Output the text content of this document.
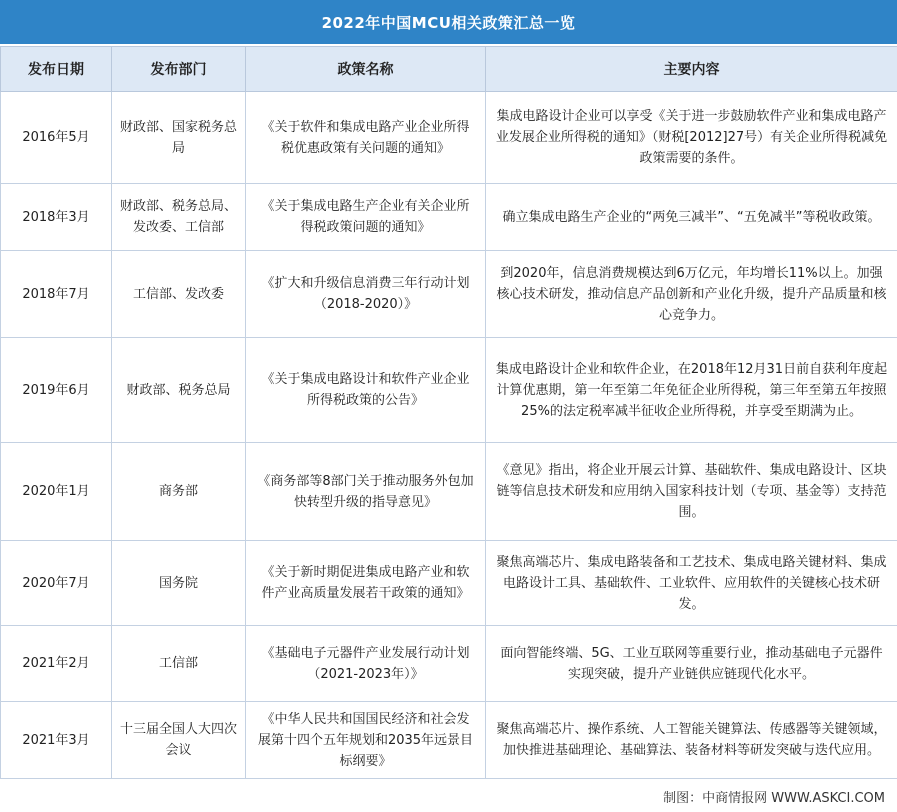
2022年中国MCU相关政策汇总一览
发布日期	发布部门	政策名称	主要内容
2016年5月	财政部、国家税务总局	《关于软件和集成电路产业企业所得税优惠政策有关问题的通知》	集成电路设计企业可以享受《关于进一步鼓励软件产业和集成电路产业发展企业所得税的通知》（财税[2012]27号）有关企业所得税减免政策需要的条件。
2018年3月	财政部、税务总局、发改委、工信部	《关于集成电路生产企业有关企业所得税政策问题的通知》	确立集成电路生产企业的“两免三减半”、“五免减半”等税收政策。
2018年7月	工信部、发改委	《扩大和升级信息消费三年行动计划（2018-2020）》	到2020年，信息消费规模达到6万亿元，年均增长11%以上。加强核心技术研发，推动信息产品创新和产业化升级，提升产品质量和核心竞争力。
2019年6月	财政部、税务总局	《关于集成电路设计和软件产业企业所得税政策的公告》	集成电路设计企业和软件企业，在2018年12月31日前自获利年度起计算优惠期，第一年至第二年免征企业所得税，第三年至第五年按照25%的法定税率减半征收企业所得税，并享受至期满为止。
2020年1月	商务部	《商务部等8部门关于推动服务外包加快转型升级的指导意见》	《意见》指出，将企业开展云计算、基础软件、集成电路设计、区块链等信息技术研发和应用纳入国家科技计划（专项、基金等）支持范围。
2020年7月	国务院	《关于新时期促进集成电路产业和软件产业高质量发展若干政策的通知》	聚焦高端芯片、集成电路装备和工艺技术、集成电路关键材料、集成电路设计工具、基础软件、工业软件、应用软件的关键核心技术研发。
2021年2月	工信部	《基础电子元器件产业发展行动计划（2021-2023年）》	面向智能终端、5G、工业互联网等重要行业，推动基础电子元器件实现突破，提升产业链供应链现代化水平。
2021年3月	十三届全国人大四次会议	《中华人民共和国国民经济和社会发展第十四个五年规划和2035年远景目标纲要》	聚焦高端芯片、操作系统、人工智能关键算法、传感器等关键领域，加快推进基础理论、基础算法、装备材料等研发突破与迭代应用。
制图：中商情报网 WWW.ASKCI.COM
